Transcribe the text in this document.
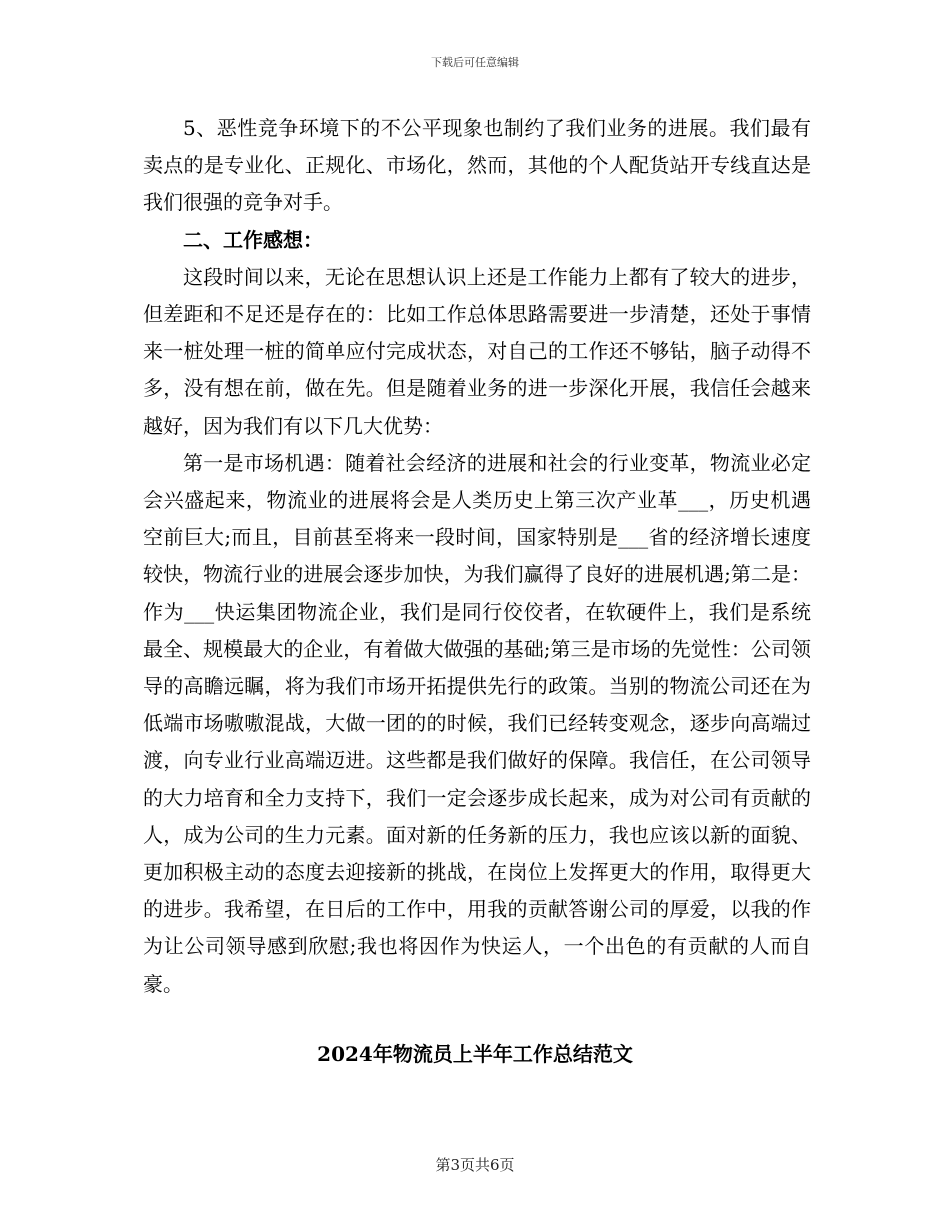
下载后可任意编辑

5、恶性竞争环境下的不公平现象也制约了我们业务的进展。我们最有卖点的是专业化、正规化、市场化，然而，其他的个人配货站开专线直达是我们很强的竞争对手。

二、工作感想：

这段时间以来，无论在思想认识上还是工作能力上都有了较大的进步，但差距和不足还是存在的：比如工作总体思路需要进一步清楚，还处于事情来一桩处理一桩的简单应付完成状态，对自己的工作还不够钻，脑子动得不多，没有想在前，做在先。但是随着业务的进一步深化开展，我信任会越来越好，因为我们有以下几大优势：

第一是市场机遇：随着社会经济的进展和社会的行业变革，物流业必定会兴盛起来，物流业的进展将会是人类历史上第三次产业革___，历史机遇空前巨大;而且，目前甚至将来一段时间，国家特别是___省的经济增长速度较快，物流行业的进展会逐步加快，为我们赢得了良好的进展机遇;第二是：作为___快运集团物流企业，我们是同行佼佼者，在软硬件上，我们是系统最全、规模最大的企业，有着做大做强的基础;第三是市场的先觉性：公司领导的高瞻远瞩，将为我们市场开拓提供先行的政策。当别的物流公司还在为低端市场嗷嗷混战，大做一团的的时候，我们已经转变观念，逐步向高端过渡，向专业行业高端迈进。这些都是我们做好的保障。我信任，在公司领导的大力培育和全力支持下，我们一定会逐步成长起来，成为对公司有贡献的人，成为公司的生力元素。面对新的任务新的压力，我也应该以新的面貌、更加积极主动的态度去迎接新的挑战，在岗位上发挥更大的作用，取得更大的进步。我希望，在日后的工作中，用我的贡献答谢公司的厚爱，以我的作为让公司领导感到欣慰;我也将因作为快运人，一个出色的有贡献的人而自豪。

2024年物流员上半年工作总结范文
第3页共6页
